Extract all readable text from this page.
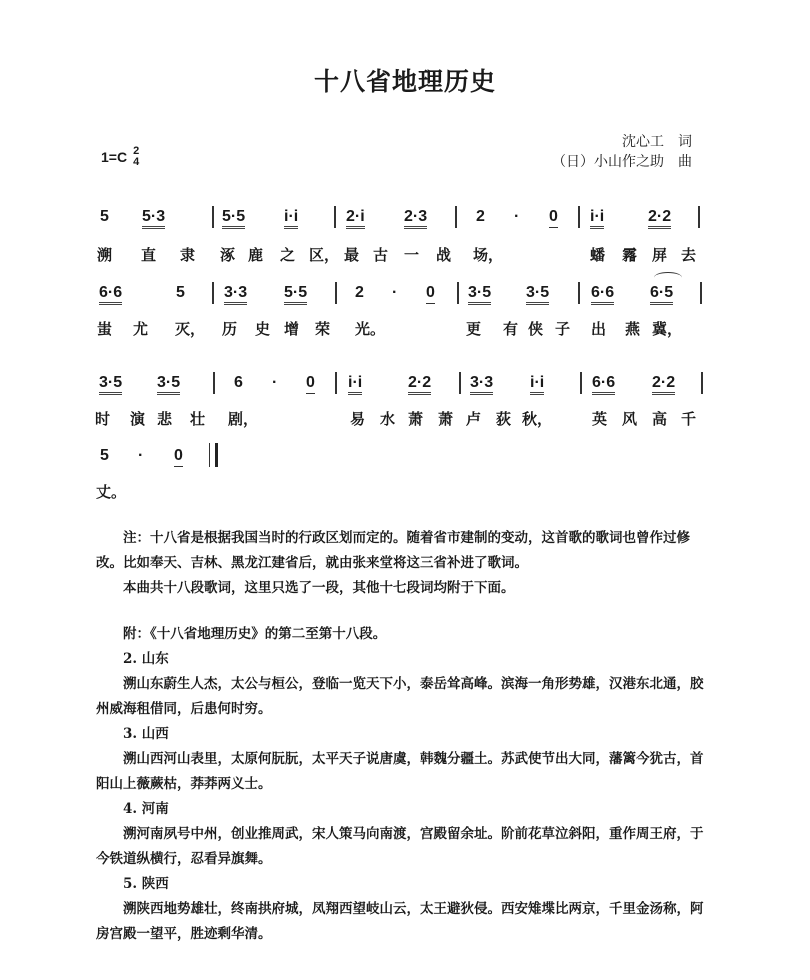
十八省地理历史
1=C 2
4
沈心工　词
（日）小山作之助　曲
5 5·3	5·5 i·i	2·i 2·3	2 · 0 i·i	2·2
溯 直 隶 涿 鹿 之 区， 最 古 一 战 场，	蟠 霿 屏 去
6·6	5 3·3 5·5	2 · 0 3·5 3·5	6·6 6·5
蚩 尤 灭， 历 史 增 荣 光。	更 有 侠 子 出 燕 冀，
3·5 3·5	6 · 0 i·i	2·2 3·3 i·i	6·6 2·2
时 演 悲 壮 剧，	易 水 萧 萧 卢 荻 秋，	英 风 高 千
5 · 0
丈。

注：十八省是根据我国当时的行政区划而定的。随着省市建制的变动，这首歌的歌词也曾作过修改。比如奉天、吉林、黑龙江建省后，就由张来堂将这三省补进了歌词。

本曲共十八段歌词，这里只选了一段，其他十七段词均附于下面。

附：《十八省地理历史》的第二至第十八段。

2. 山东

溯山东蔚生人杰，太公与桓公，登临一览天下小，泰岳耸高峰。滨海一角形势雄，汉港东北通，胶州威海租借同，后患何时穷。

3. 山西

溯山西河山表里，太原何朊朊，太平天子说唐虞，韩魏分疆土。苏武使节出大同，藩篱今犹古，首阳山上薇蕨枯，莽莽两义士。

4. 河南

溯河南夙号中州，创业推周武，宋人策马向南渡，宫殿留余址。阶前花草泣斜阳，重作周王府，于今铁道纵横行，忍看异旗舞。

5. 陕西

溯陕西地势雄壮，终南拱府城，凤翔西望岐山云，太王避狄侵。西安雉堞比两京，千里金汤称，阿房宫殿一望平，胜迹剩华清。
